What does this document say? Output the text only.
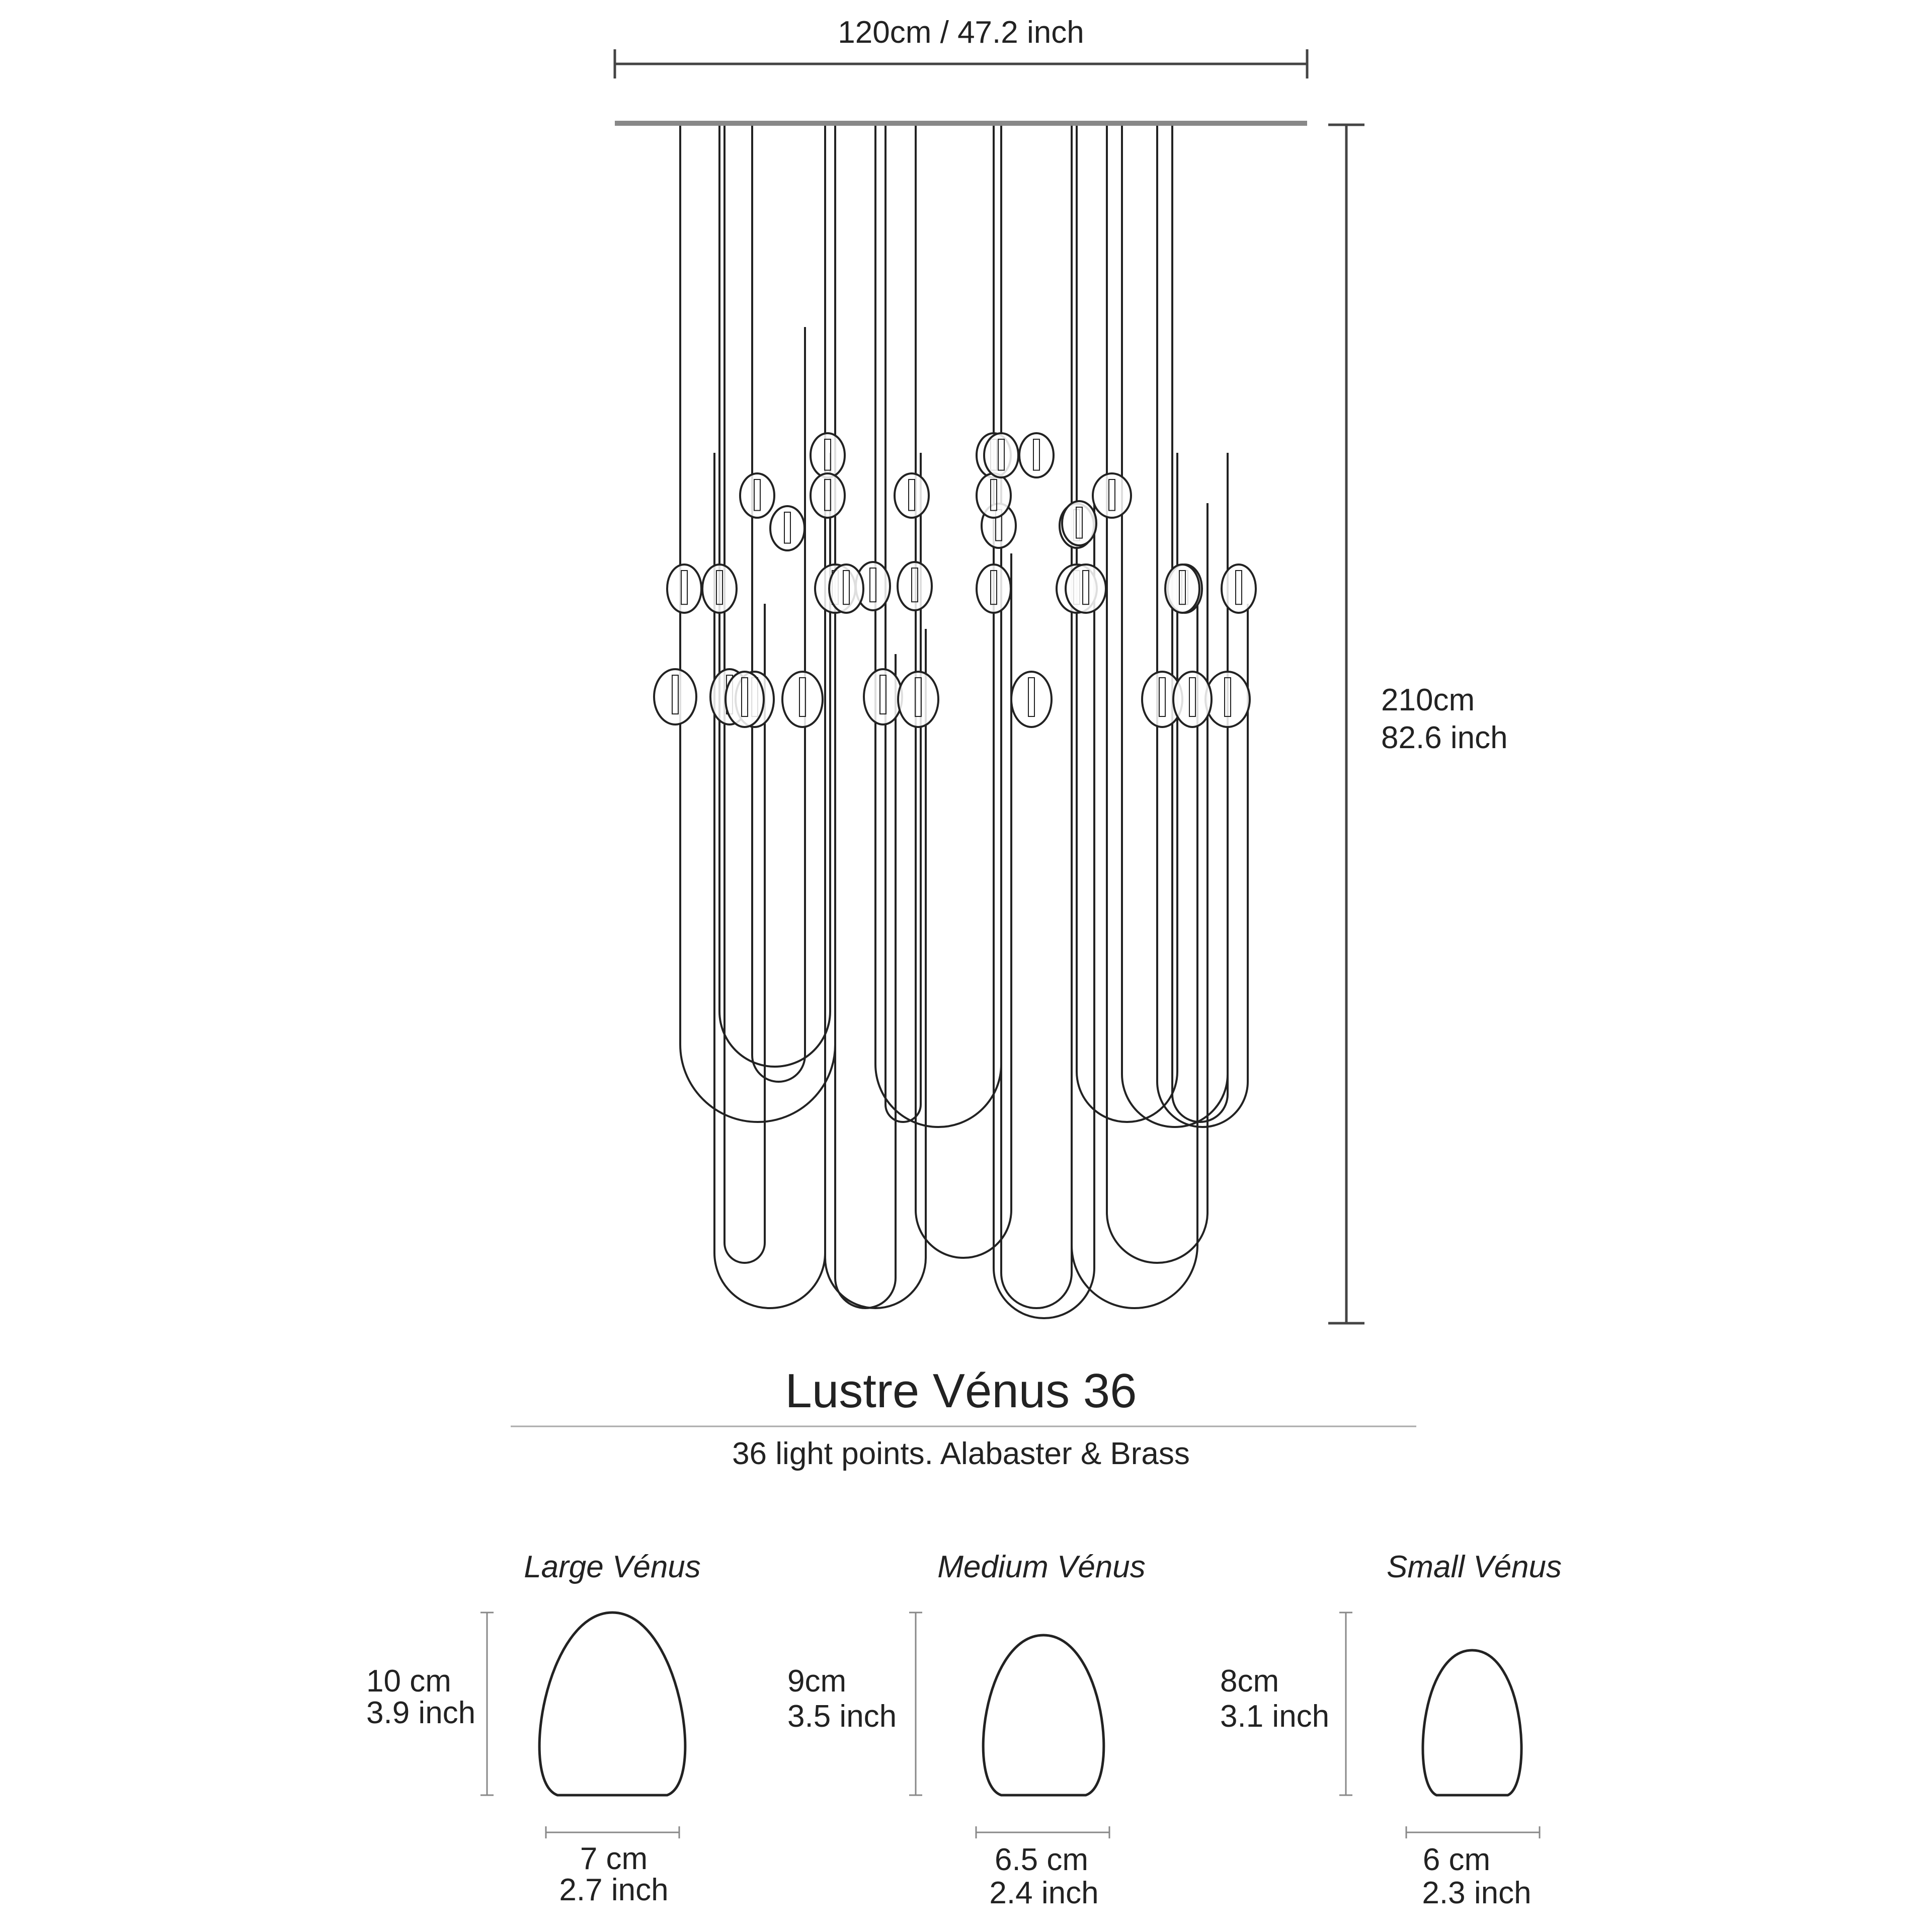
120cm / 47.2 inch
210cm
82.6 inch
Lustre Vénus 36
36 light points. Alabaster & Brass
Large Vénus	Medium Vénus	Small Vénus
10 cm
3.9 inch
7 cm
2.7 inch
9cm
3.5 inch
6.5 cm
2.4 inch
8cm
3.1 inch
6 cm
2.3 inch
